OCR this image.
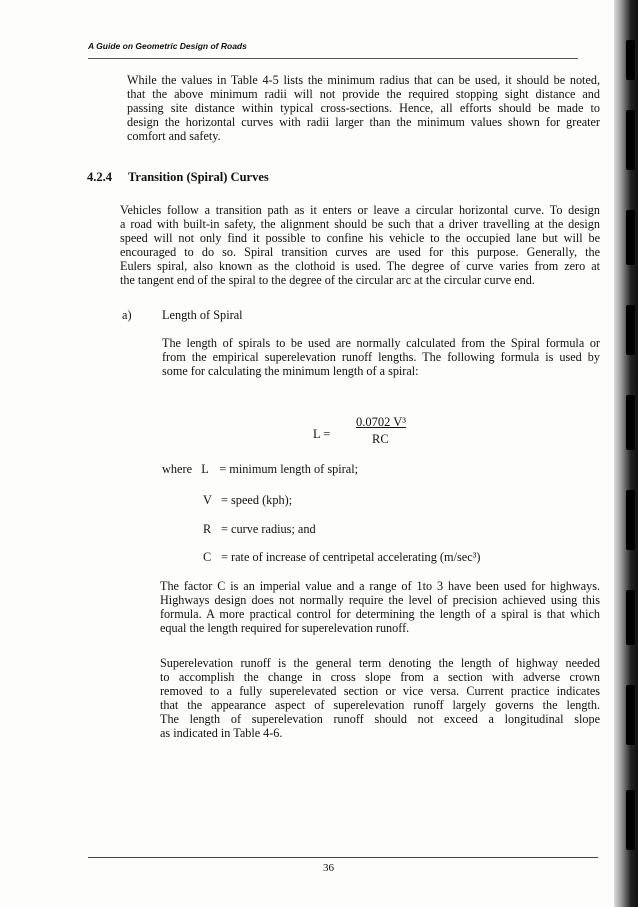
A Guide on Geometric Design of Roads
While the values in Table 4-5 lists the minimum radius that can be used, it should be noted,
that the above minimum radii will not provide the required stopping sight distance and
passing site distance within typical cross-sections. Hence, all efforts should be made to
design the horizontal curves with radii larger than the minimum values shown for greater
comfort and safety.
4.2.4 Transition (Spiral) Curves
Vehicles follow a transition path as it enters or leave a circular horizontal curve. To design
a road with built-in safety, the alignment should be such that a driver travelling at the design
speed will not only find it possible to confine his vehicle to the occupied lane but will be
encouraged to do so. Spiral transition curves are used for this purpose. Generally, the
Eulers spiral, also known as the clothoid is used. The degree of curve varies from zero at
the tangent end of the spiral to the degree of the circular arc at the circular curve end.
a) Length of Spiral
The length of spirals to be used are normally calculated from the Spiral formula or
from the empirical superelevation runoff lengths. The following formula is used by
some for calculating the minimum length of a spiral:
L =
0.0702 V³
RC
where L = minimum length of spiral;
V = speed (kph);
R = curve radius; and
C = rate of increase of centripetal accelerating (m/sec³)
The factor C is an imperial value and a range of 1to 3 have been used for highways.
Highways design does not normally require the level of precision achieved using this
formula. A more practical control for determining the length of a spiral is that which
equal the length required for superelevation runoff.
Superelevation runoff is the general term denoting the length of highway needed
to accomplish the change in cross slope from a section with adverse crown
removed to a fully superelevated section or vice versa. Current practice indicates
that the appearance aspect of superelevation runoff largely governs the length.
The length of superelevation runoff should not exceed a longitudinal slope
as indicated in Table 4-6.
36
